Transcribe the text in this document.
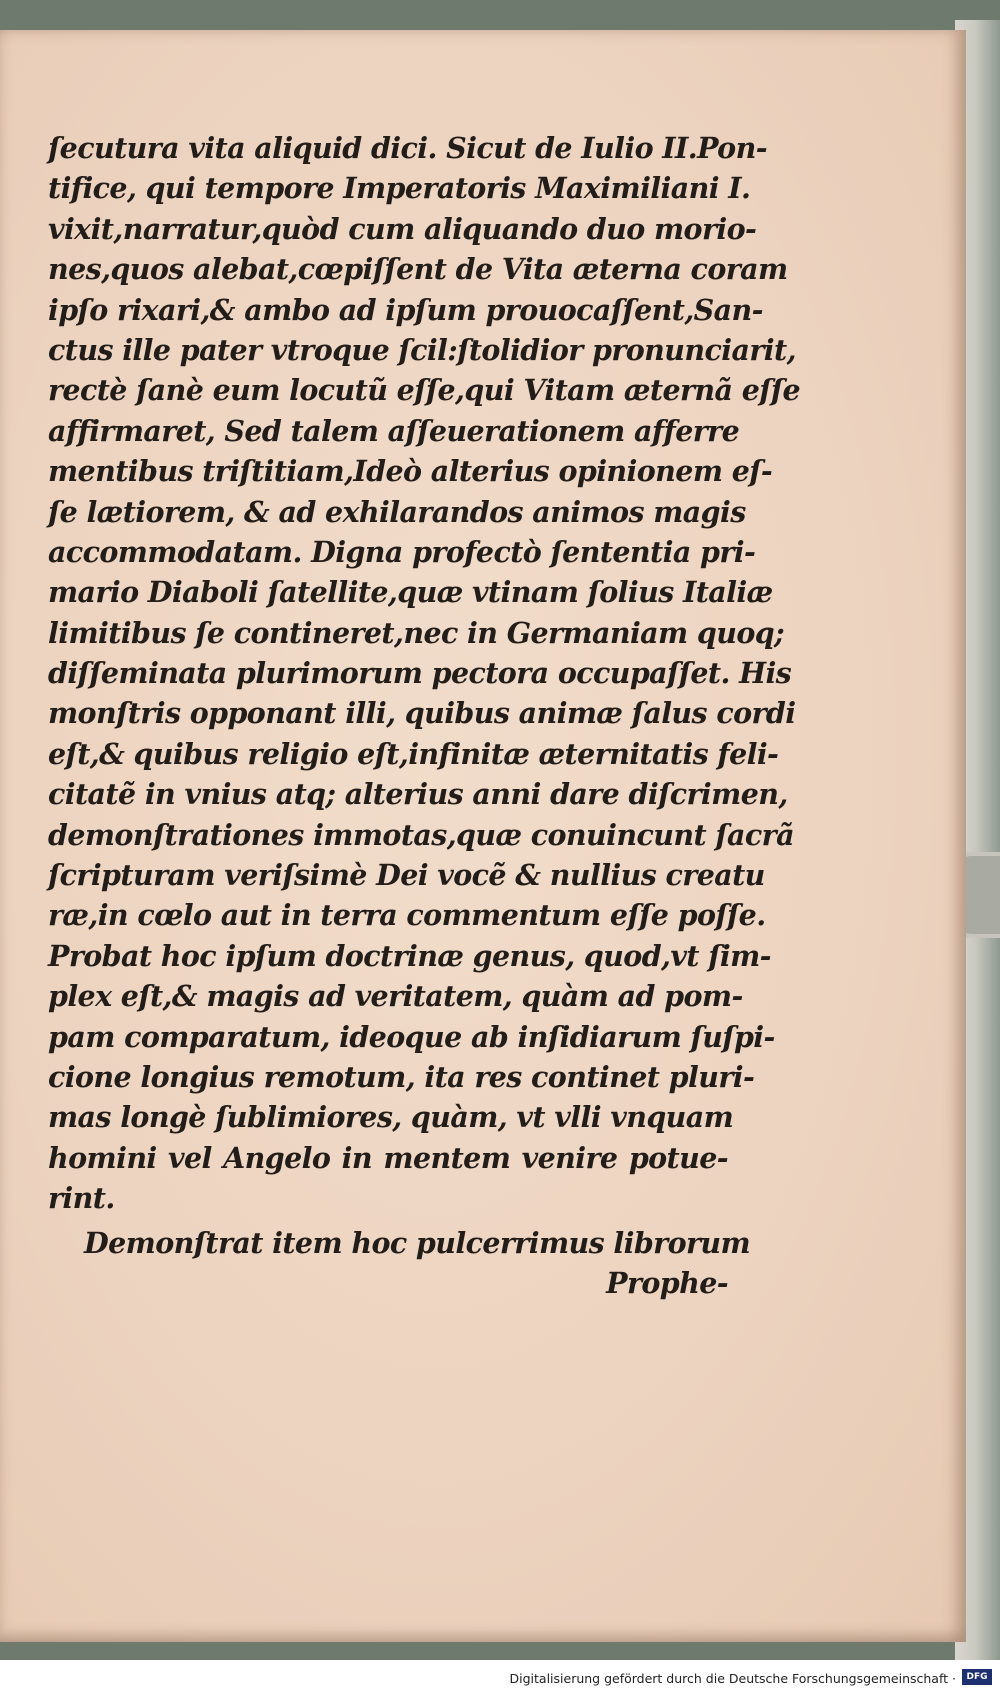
ſecutura vita aliquid dici. Sicut de Iulio II.Pon-
tifice, qui tempore Imperatoris Maximiliani I.
vixit,narratur,quòd cum aliquando duo morio-
nes,quos alebat,cœpiſſent de Vita æterna coram
ipſo rixari,& ambo ad ipſum prouocaſſent,San-
ctus ille pater vtroque ſcil:ſtolidior pronunciarit,
rectè ſanè eum locutũ eſſe,qui Vitam æternã eſſe
affirmaret, Sed talem aſſeuerationem afferre
mentibus triſtitiam,Ideò alterius opinionem eſ-
ſe lætiorem, & ad exhilarandos animos magis
accommodatam. Digna profectò ſententia pri-
mario Diaboli ſatellite,quæ vtinam ſolius Italiæ
limitibus ſe contineret,nec in Germaniam quoq;
diſſeminata plurimorum pectora occupaſſet. His
monſtris opponant illi, quibus animæ ſalus cordi
eſt,& quibus religio eſt,infinitæ æternitatis feli-
citatẽ in vnius atq; alterius anni dare diſcrimen,
demonſtrationes immotas,quæ conuincunt ſacrã
ſcripturam veriſsimè Dei vocẽ & nullius creatu
ræ,in cœlo aut in terra commentum eſſe poſſe.
Probat hoc ipſum doctrinæ genus, quod,vt ſim-
plex eſt,& magis ad veritatem, quàm ad pom-
pam comparatum, ideoque ab inſidiarum ſuſpi-
cione longius remotum, ita res continet pluri-
mas longè ſublimiores, quàm, vt vlli vnquam
homini vel Angelo in mentem venire potue-
rint.
Demonſtrat item hoc pulcerrimus librorum
Prophe-
Digitalisierung gefördert durch die Deutsche Forschungsgemeinschaft ·	DFG
